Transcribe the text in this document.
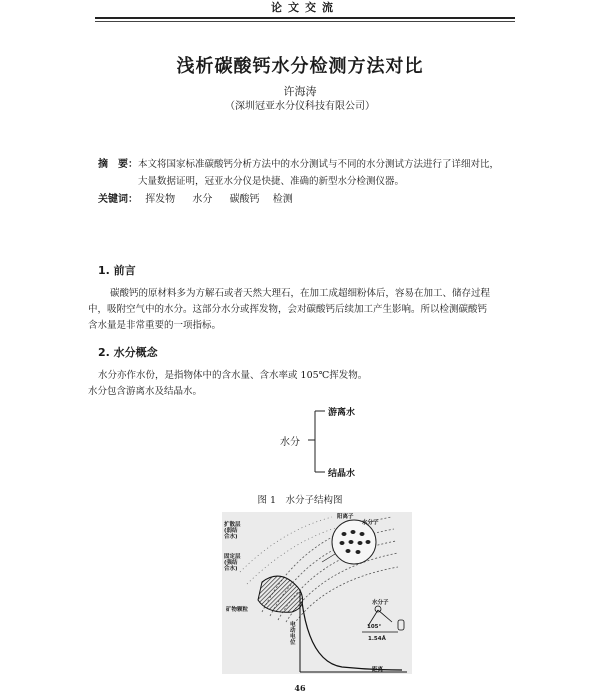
论文交流
浅析碳酸钙水分检测方法对比
许海涛
（深圳冠亚水分仪科技有限公司）
摘　要： 本文将国家标准碳酸钙分析方法中的水分测试与不同的水分测试方法进行了详细对比，
大量数据证明，冠亚水分仪是快捷、准确的新型水分检测仪器。
关键词： 挥发物 水分 碳酸钙 检测
1. 前言
碳酸钙的原材料多为方解石或者天然大理石，在加工成超细粉体后，容易在加工、储存过程
中，吸附空气中的水分。这部分水分或挥发物，会对碳酸钙后续加工产生影响。所以检测碳酸钙
含水量是非常重要的一项指标。
2. 水分概念
水分亦作水份，是指物体中的含水量、含水率或 105℃挥发物。
水分包含游离水及结晶水。
水分
游离水
结晶水
图 1　水分子结构图
扩散层
(弱结
合水)
固定层
(强结
合水)
矿物颗粒
阳离子
水分子
水分子
105°
1.54Å
电
动
电
位
距离
46
